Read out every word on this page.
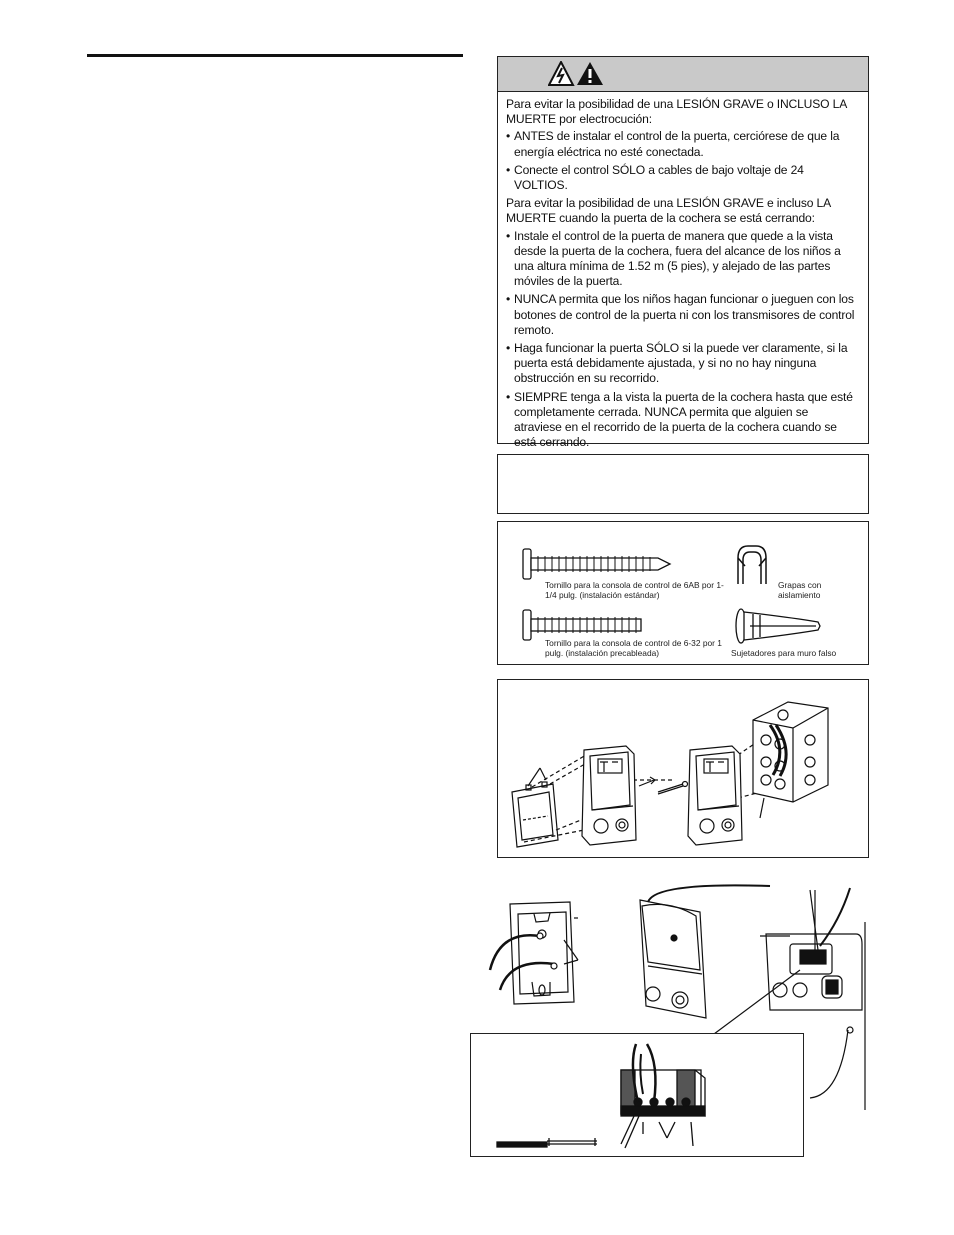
Para evitar la posibilidad de una LESIÓN GRAVE o INCLUSO LA MUERTE por electrocución:

• ANTES de instalar el control de la puerta, cerciórese de que la energía eléctrica no esté conectada.
• Conecte el control SÓLO a cables de bajo voltaje de 24 VOLTIOS.

Para evitar la posibilidad de una LESIÓN GRAVE e incluso LA MUERTE cuando la puerta de la cochera se está cerrando:

• Instale el control de la puerta de manera que quede a la vista desde la puerta de la cochera, fuera del alcance de los niños a una altura mínima de 1.52 m (5 pies), y alejado de las partes móviles de la puerta.
• NUNCA permita que los niños hagan funcionar o jueguen con los botones de control de la puerta ni con los transmisores de control remoto.
• Haga funcionar la puerta SÓLO si la puede ver claramente, si la puerta está debidamente ajustada, y si no no hay ninguna obstrucción en su recorrido.
• SIEMPRE tenga a la vista la puerta de la cochera hasta que esté completamente cerrada. NUNCA permita que alguien se atraviese en el recorrido de la puerta de la cochera cuando se está cerrando.
Tornillo para la consola de control de 6AB por 1-1/4 pulg. (instalación estándar)
Grapas con aislamiento
Tornillo para la consola de control de 6-32 por 1 pulg. (instalación precableada)	Sujetadores para muro falso
